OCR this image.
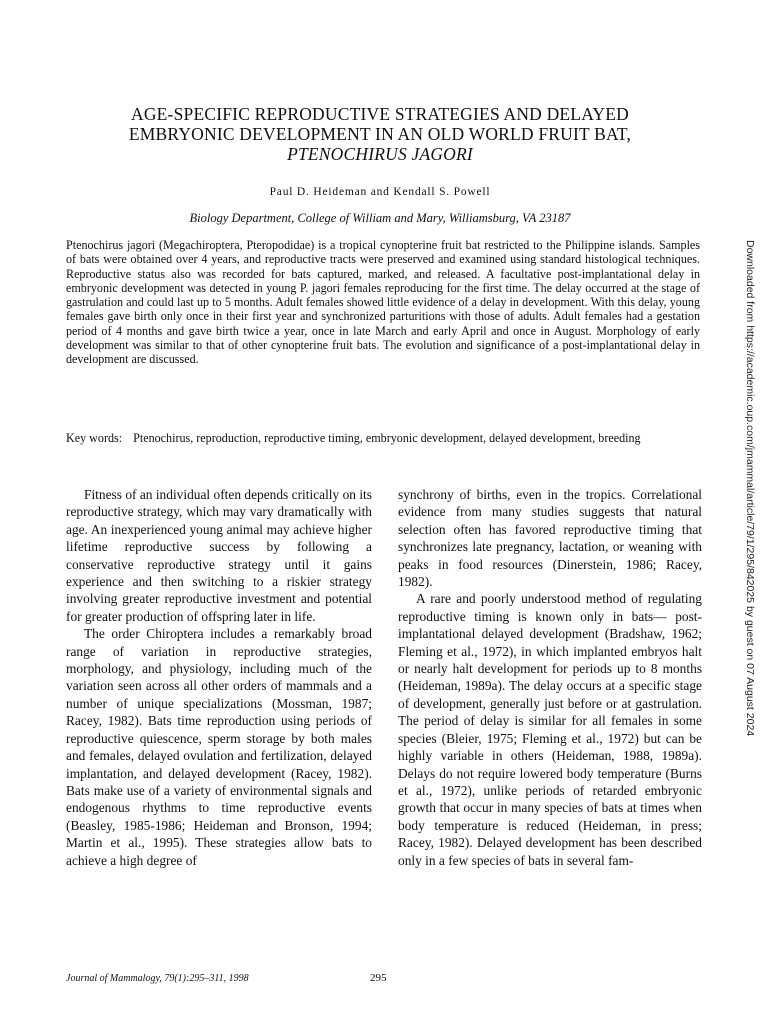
AGE-SPECIFIC REPRODUCTIVE STRATEGIES AND DELAYED
EMBRYONIC DEVELOPMENT IN AN OLD WORLD FRUIT BAT,
PTENOCHIRUS JAGORI
Paul D. Heideman and Kendall S. Powell
Biology Department, College of William and Mary, Williamsburg, VA 23187

Ptenochirus jagori (Megachiroptera, Pteropodidae) is a tropical cynopterine fruit bat restricted to the Philippine islands. Samples of bats were obtained over 4 years, and reproductive tracts were preserved and examined using standard histological techniques. Reproductive status also was recorded for bats captured, marked, and released. A facultative post-implantational delay in embryonic development was detected in young P. jagori females reproducing for the first time. The delay occurred at the stage of gastrulation and could last up to 5 months. Adult females showed little evidence of a delay in development. With this delay, young females gave birth only once in their first year and synchronized parturitions with those of adults. Adult females had a gestation period of 4 months and gave birth twice a year, once in late March and early April and once in August. Morphology of early development was similar to that of other cynopterine fruit bats. The evolution and significance of a post-implantational delay in development are discussed.

Key words: Ptenochirus, reproduction, reproductive timing, embryonic development, delayed development, breeding

Fitness of an individual often depends critically on its reproductive strategy, which may vary dramatically with age. An inexperienced young animal may achieve higher lifetime reproductive success by following a conservative reproductive strategy until it gains experience and then switching to a riskier strategy involving greater reproductive investment and potential for greater production of offspring later in life.

The order Chiroptera includes a remarkably broad range of variation in reproductive strategies, morphology, and physiology, including much of the variation seen across all other orders of mammals and a number of unique specializations (Mossman, 1987; Racey, 1982). Bats time reproduction using periods of reproductive quiescence, sperm storage by both males and females, delayed ovulation and fertilization, delayed implantation, and delayed development (Racey, 1982). Bats make use of a variety of environmental signals and endogenous rhythms to time reproductive events (Beasley, 1985-1986; Heideman and Bronson, 1994; Martin et al., 1995). These strategies allow bats to achieve a high degree of

synchrony of births, even in the tropics. Correlational evidence from many studies suggests that natural selection often has favored reproductive timing that synchronizes late pregnancy, lactation, or weaning with peaks in food resources (Dinerstein, 1986; Racey, 1982).

A rare and poorly understood method of regulating reproductive timing is known only in bats— post-implantational delayed development (Bradshaw, 1962; Fleming et al., 1972), in which implanted embryos halt or nearly halt development for periods up to 8 months (Heideman, 1989a). The delay occurs at a specific stage of development, generally just before or at gastrulation. The period of delay is similar for all females in some species (Bleier, 1975; Fleming et al., 1972) but can be highly variable in others (Heideman, 1988, 1989a). Delays do not require lowered body temperature (Burns et al., 1972), unlike periods of retarded embryonic growth that occur in many species of bats at times when body temperature is reduced (Heideman, in press; Racey, 1982). Delayed development has been described only in a few species of bats in several fam-

Journal of Mammalogy, 79(1):295–311, 1998	295
Downloaded from https://academic.oup.com/jmammal/article/79/1/295/842025 by guest on 07 August 2024
